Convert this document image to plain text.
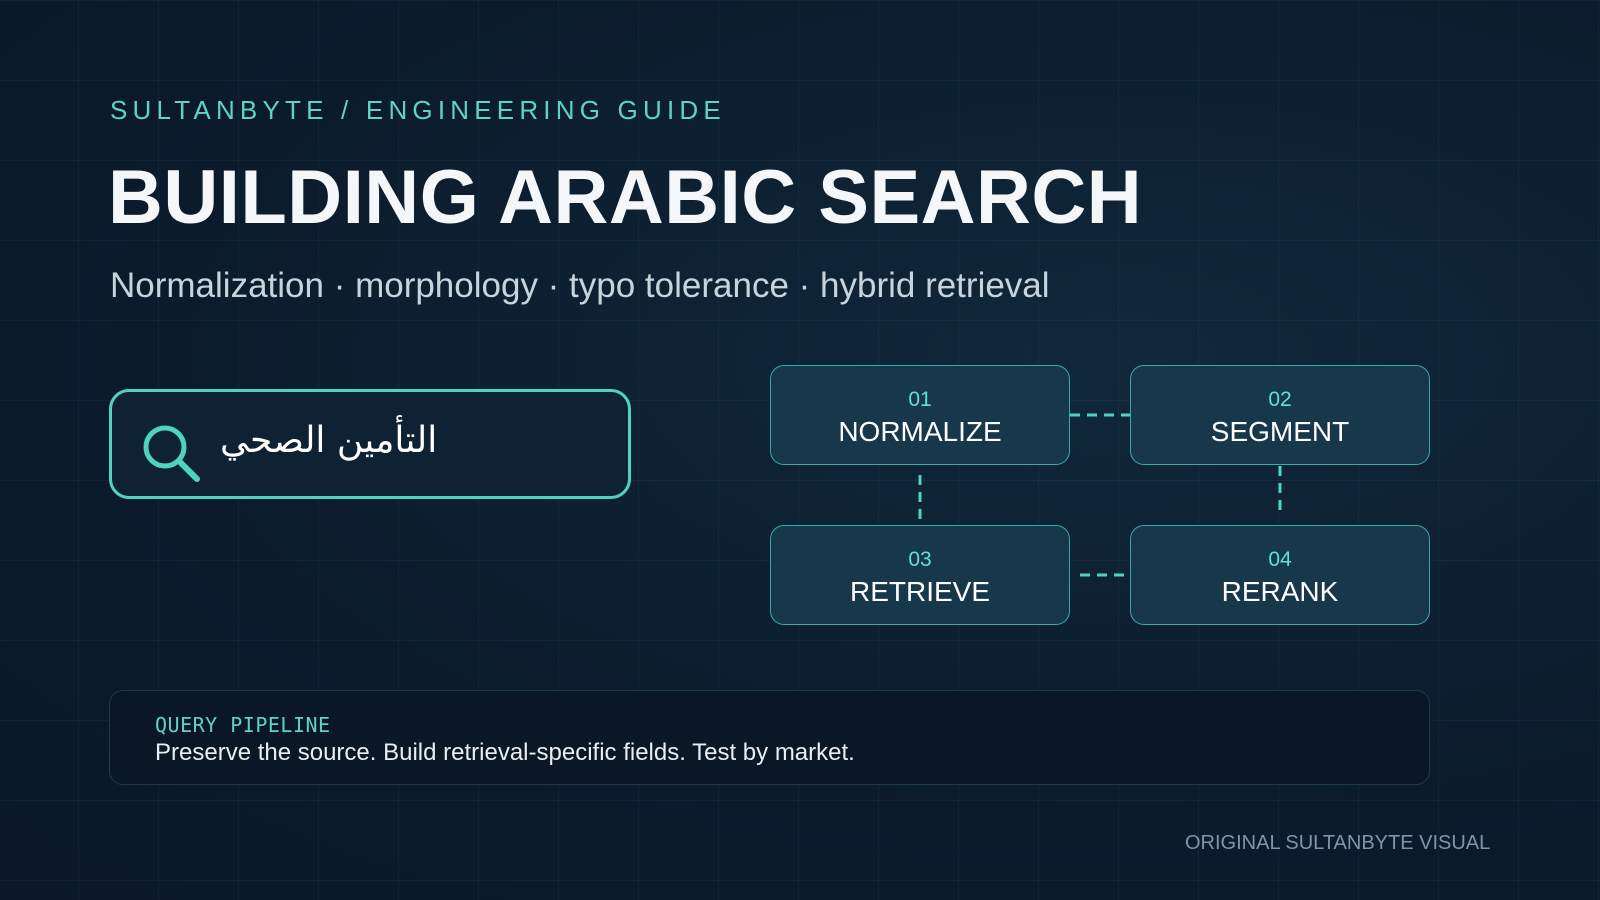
SULTANBYTE / ENGINEERING GUIDE
BUILDING ARABIC SEARCH
Normalization · morphology · typo tolerance · hybrid retrieval
التأمين الصحي
01
NORMALIZE
02
SEGMENT
03
RETRIEVE
04
RERANK
QUERY PIPELINE
Preserve the source. Build retrieval-specific fields. Test by market.
ORIGINAL SULTANBYTE VISUAL
